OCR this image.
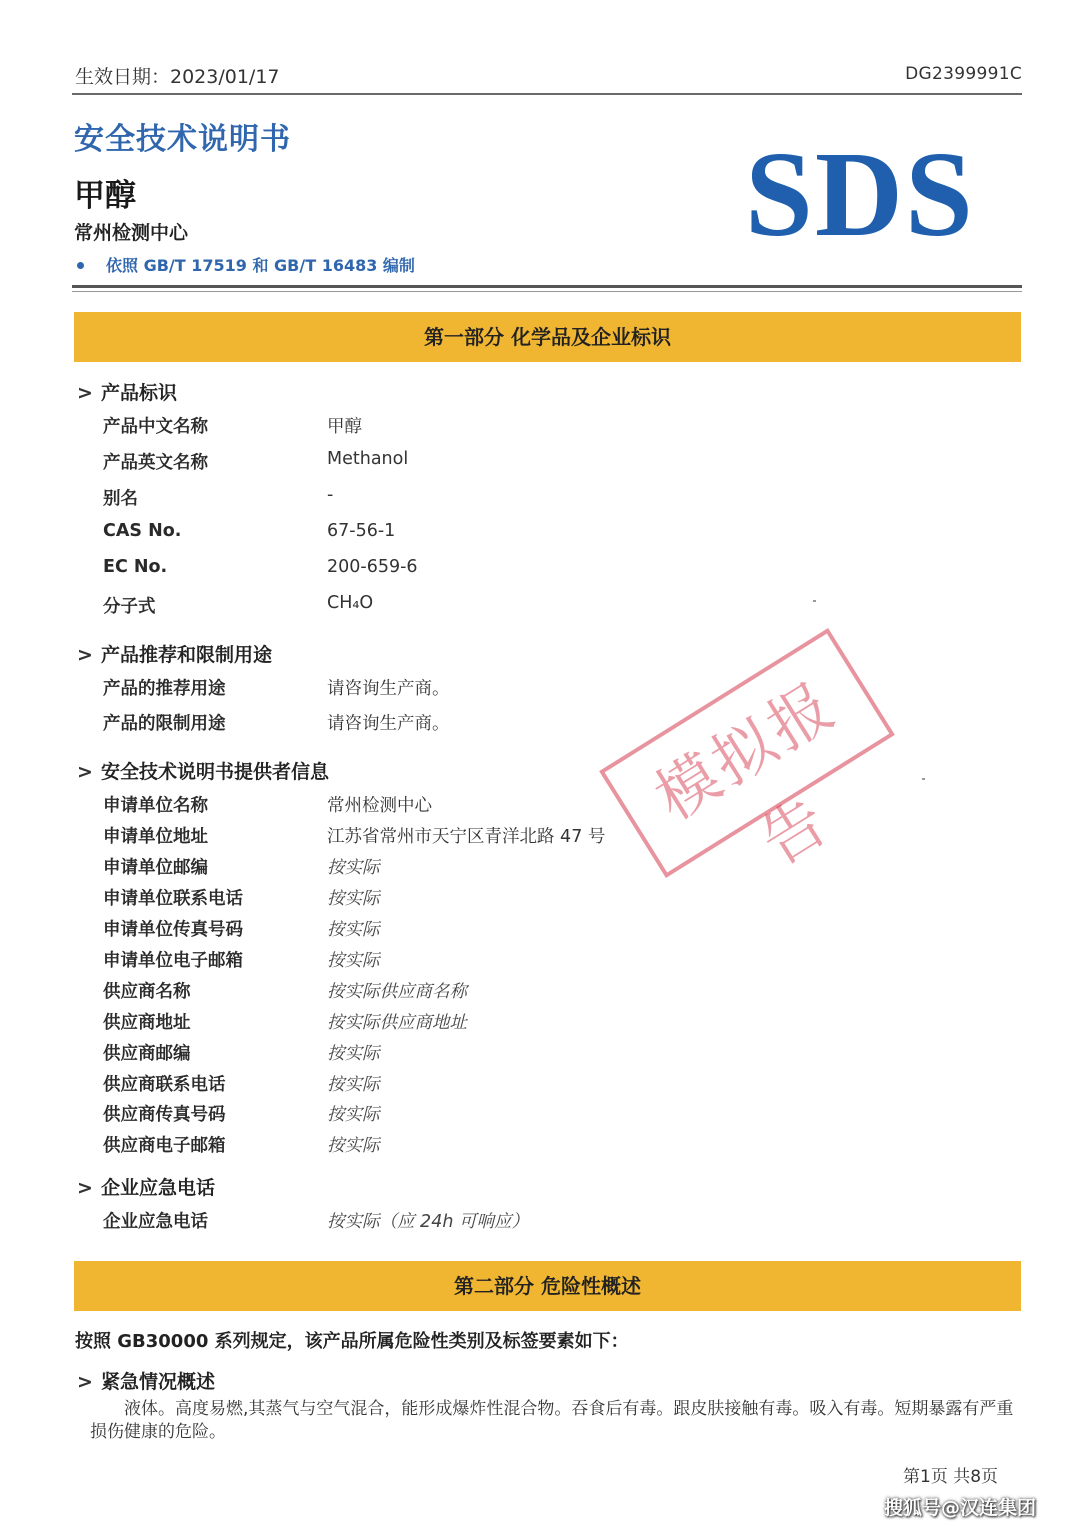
生效日期：2023/01/17	DG2399991C
安全技术说明书
甲醇
常州检测中心
依照 GB/T 17519 和 GB/T 16483 编制
SDS
第一部分 化学品及企业标识
> 产品标识
产品中文名称	甲醇
产品英文名称	Methanol
别名	-
CAS No.	67-56-1
EC No.	200-659-6
分子式	CH₄O
> 产品推荐和限制用途
产品的推荐用途	请咨询生产商。
产品的限制用途	请咨询生产商。
> 安全技术说明书提供者信息
申请单位名称	常州检测中心
申请单位地址	江苏省常州市天宁区青洋北路 47 号
申请单位邮编	按实际
申请单位联系电话	按实际
申请单位传真号码	按实际
申请单位电子邮箱	按实际
供应商名称	按实际供应商名称
供应商地址	按实际供应商地址
供应商邮编	按实际
供应商联系电话	按实际
供应商传真号码	按实际
供应商电子邮箱	按实际
> 企业应急电话
企业应急电话	按实际（应 24h 可响应）
模拟报告
第二部分 危险性概述
按照 GB30000 系列规定，该产品所属危险性类别及标签要素如下：
> 紧急情况概述
液体。高度易燃,其蒸气与空气混合，能形成爆炸性混合物。吞食后有毒。跟皮肤接触有毒。吸入有毒。短期暴露有严重损伤健康的危险。
第1页 共8页
搜狐号@汉连集团
